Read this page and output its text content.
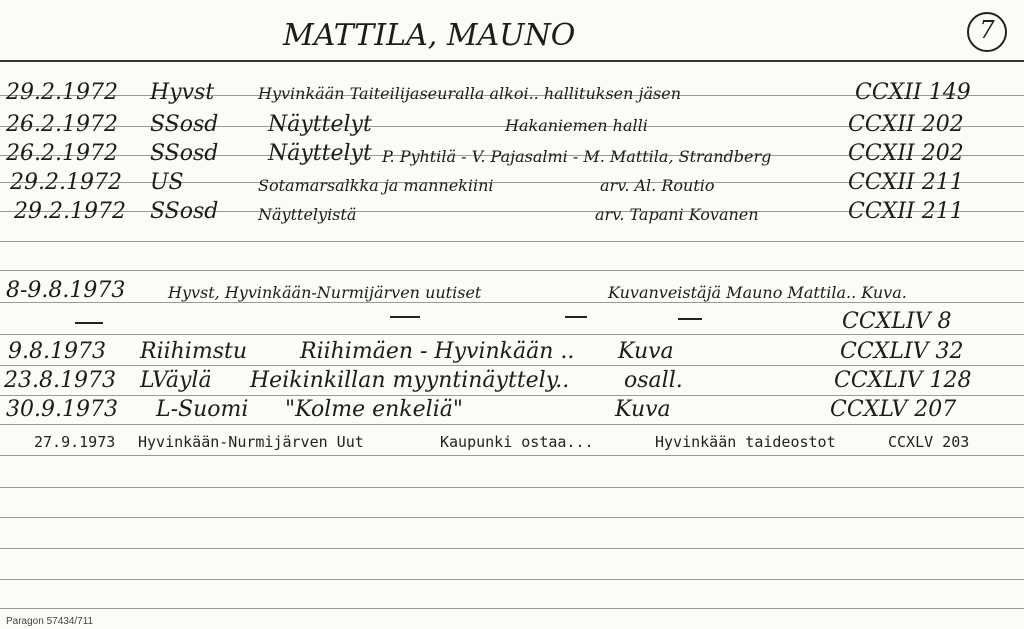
MATTILA, MAUNO	7
29.2.1972 Hyvst	Hyvinkään Taiteilijaseuralla alkoi.. hallituksen jäsen	CCXII 149
26.2.1972 SSosd Näyttelyt	Hakaniemen halli	CCXII 202
26.2.1972 SSosd Näyttelyt P. Pyhtilä - V. Pajasalmi - M. Mattila, Strandberg	CCXII 202
29.2.1972 US	Sotamarsalkka ja mannekiini	arv. Al. Routio	CCXII 211
29.2.1972 SSosd Näyttelyistä	arv. Tapani Kovanen	CCXII 211
8-9.8.1973	Hyvst, Hyvinkään-Nurmijärven uutiset	Kuvanveistäjä Mauno Mattila.. Kuva.
CCXLIV 8
9.8.1973 Riihimstu Riihimäen - Hyvinkään .. Kuva	CCXLIV 32
23.8.1973 LVäylä Heikinkillan myyntinäyttely.. osall.	CCXLIV 128
30.9.1973 L-Suomi "Kolme enkeliä"	Kuva	CCXLV 207
27.9.1973 Hyvinkään-Nurmijärven Uut	Kaupunki ostaa...	Hyvinkään taideostot	CCXLV 203
Paragon 57434/711
